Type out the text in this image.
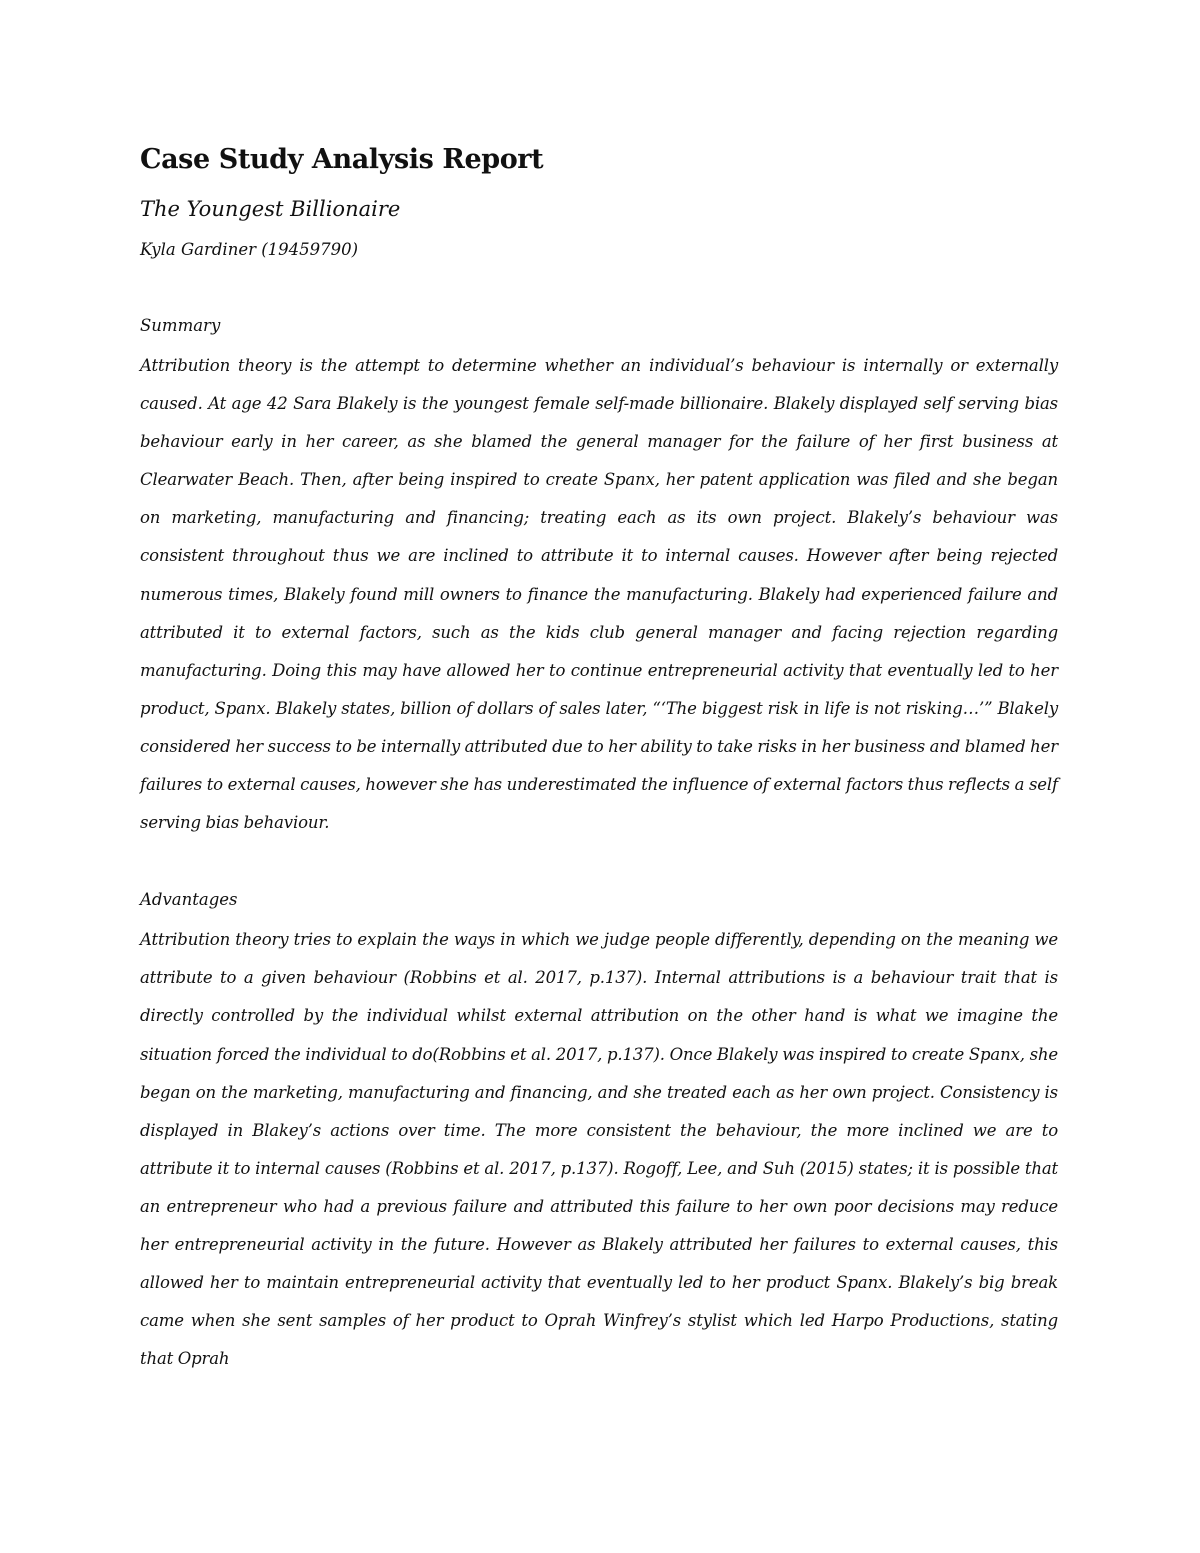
Case Study Analysis Report
The Youngest Billionaire
Kyla Gardiner (19459790)
Summary

Attribution theory is the attempt to determine whether an individual’s behaviour is internally or externally caused. At age 42 Sara Blakely is the youngest female self-made billionaire. Blakely displayed self serving bias behaviour early in her career, as she blamed the general manager for the failure of her first business at Clearwater Beach. Then, after being inspired to create Spanx, her patent application was filed and she began on marketing, manufacturing and financing; treating each as its own project. Blakely’s behaviour was consistent throughout thus we are inclined to attribute it to internal causes. However after being rejected numerous times, Blakely found mill owners to finance the manufacturing. Blakely had experienced failure and attributed it to external factors, such as the kids club general manager and facing rejection regarding manufacturing. Doing this may have allowed her to continue entrepreneurial activity that eventually led to her product, Spanx. Blakely states, billion of dollars of sales later, “‘The biggest risk in life is not risking…’” Blakely considered her success to be internally attributed due to her ability to take risks in her business and blamed her failures to external causes, however she has underestimated the influence of external factors thus reflects a self serving bias behaviour.

Advantages

Attribution theory tries to explain the ways in which we judge people differently, depending on the meaning we attribute to a given behaviour (Robbins et al. 2017, p.137). Internal attributions is a behaviour trait that is directly controlled by the individual whilst external attribution on the other hand is what we imagine the situation forced the individual to do(Robbins et al. 2017, p.137). Once Blakely was inspired to create Spanx, she began on the marketing, manufacturing and financing, and she treated each as her own project. Consistency is displayed in Blakey’s actions over time. The more consistent the behaviour, the more inclined we are to attribute it to internal causes (Robbins et al. 2017, p.137). Rogoff, Lee, and Suh (2015) states; it is possible that an entrepreneur who had a previous failure and attributed this failure to her own poor decisions may reduce her entrepreneurial activity in the future. However as Blakely attributed her failures to external causes, this allowed her to maintain entrepreneurial activity that eventually led to her product Spanx. Blakely’s big break came when she sent samples of her product to Oprah Winfrey’s stylist which led Harpo Productions, stating that Oprah
